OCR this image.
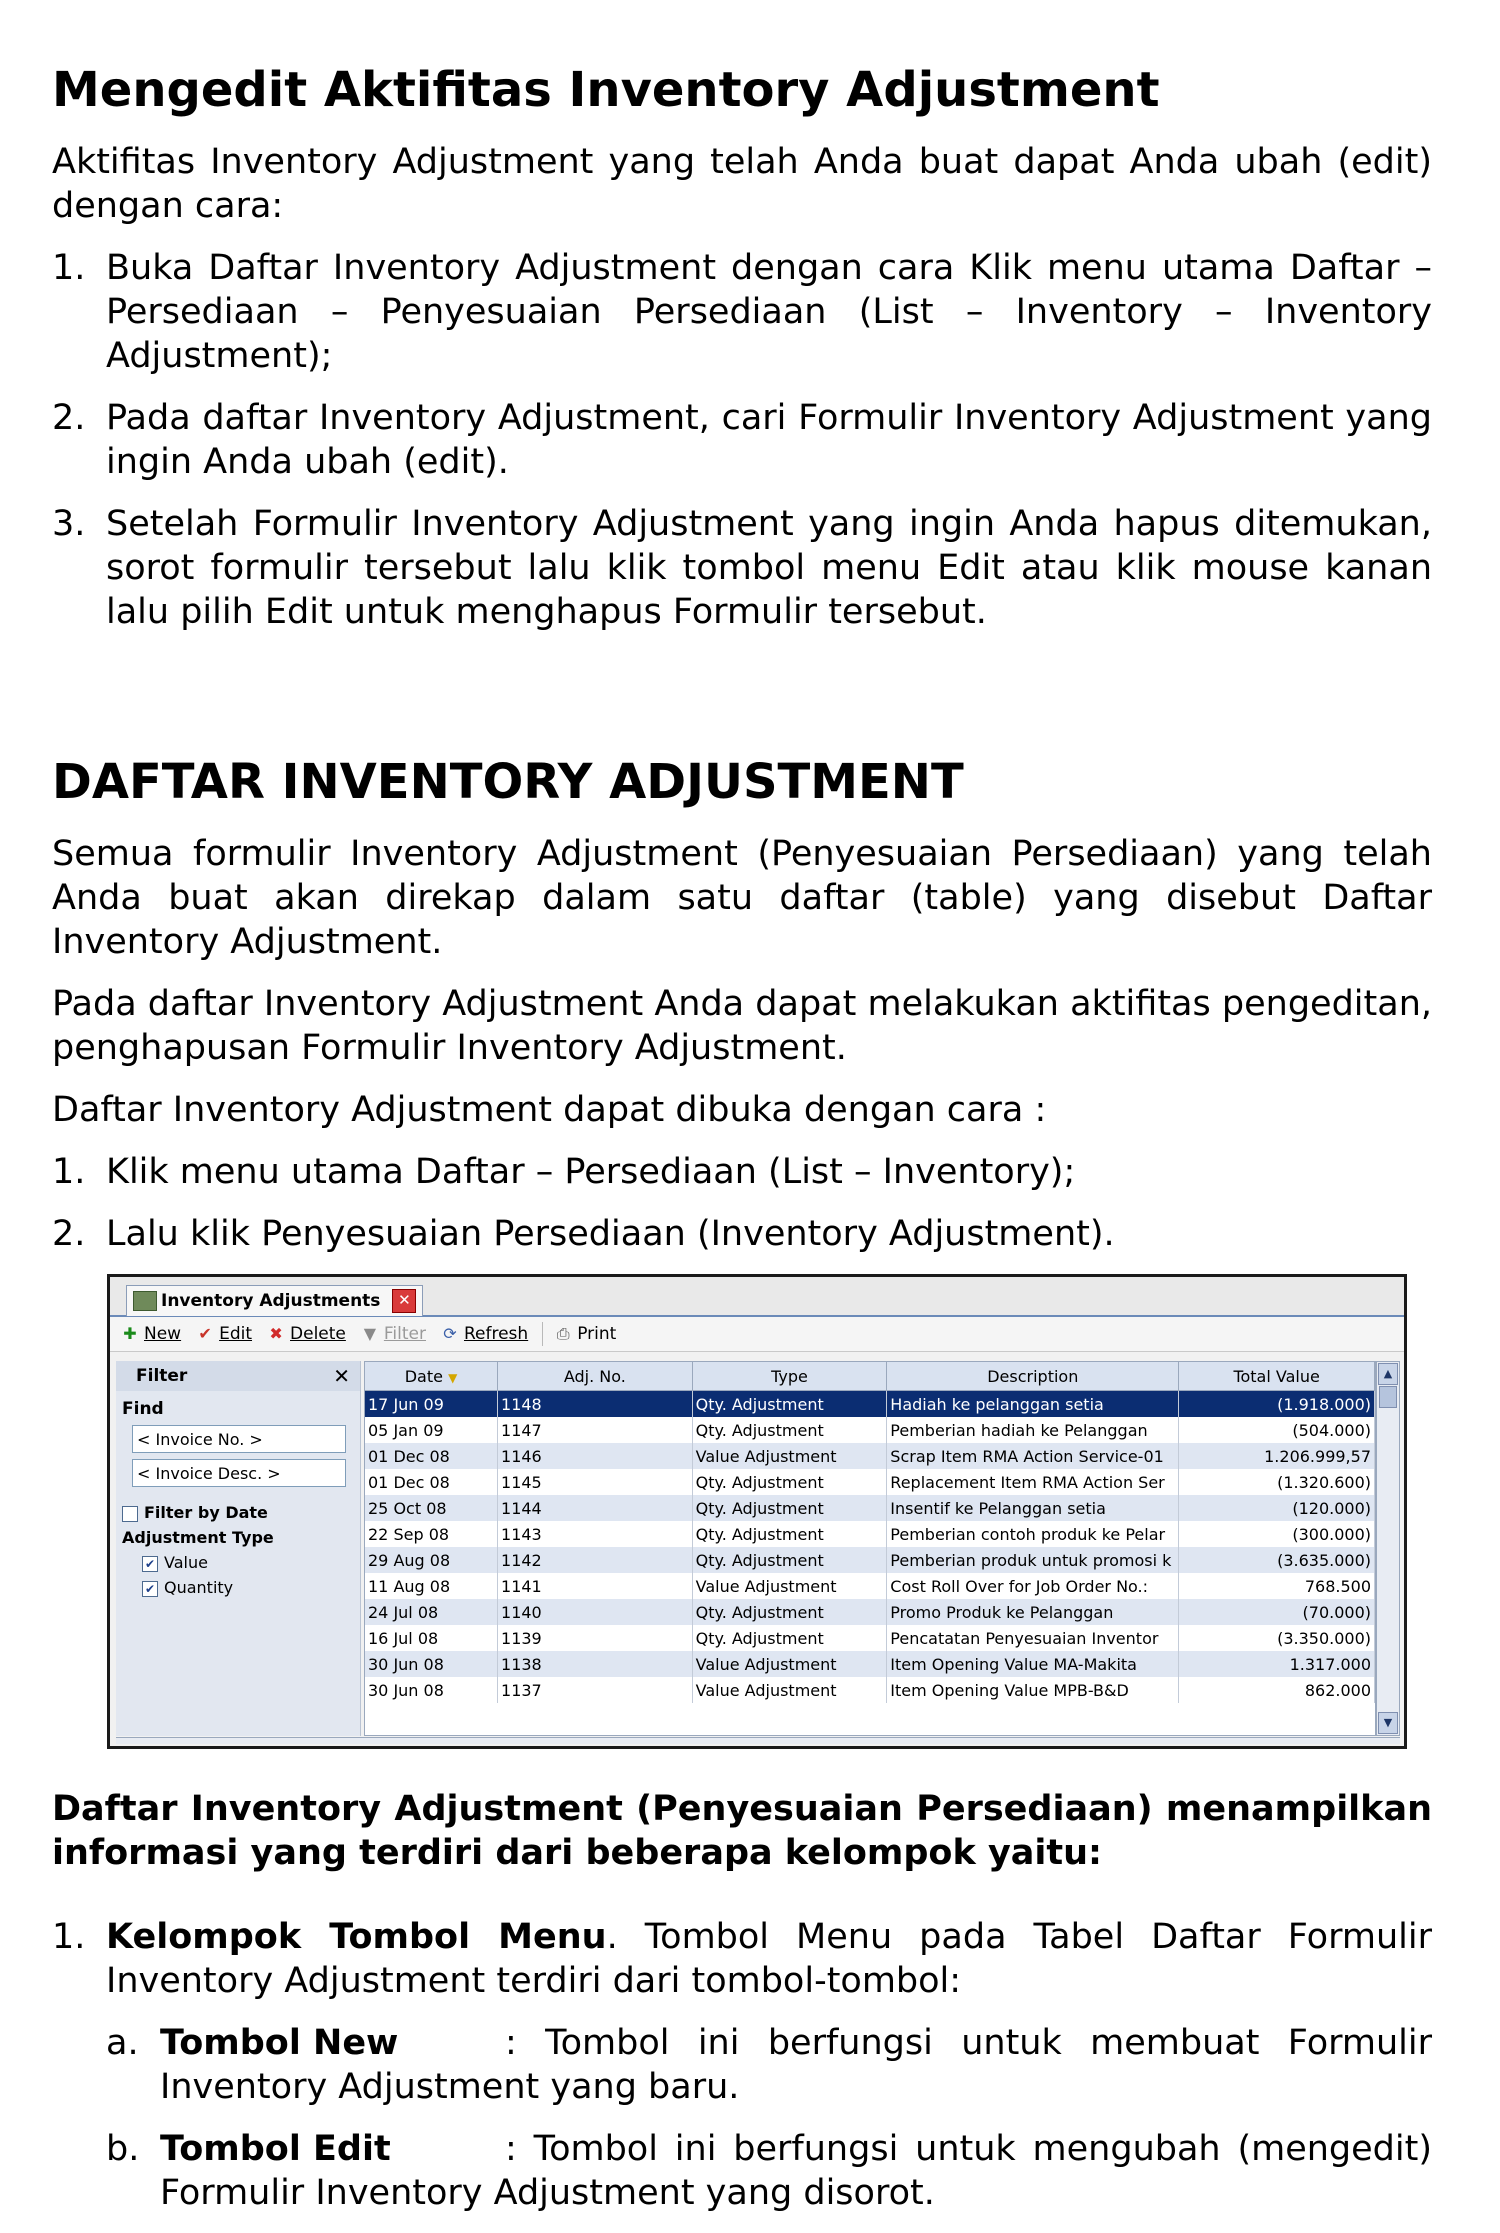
Mengedit Aktifitas Inventory Adjustment

Aktifitas Inventory Adjustment yang telah Anda buat dapat Anda ubah (edit) dengan cara:

1. Buka Daftar Inventory Adjustment dengan cara Klik menu utama Daftar – Persediaan – Penyesuaian Persediaan (List – Inventory – Inventory Adjustment);
2. Pada daftar Inventory Adjustment, cari Formulir Inventory Adjustment yang ingin Anda ubah (edit).
3. Setelah Formulir Inventory Adjustment yang ingin Anda hapus ditemukan, sorot formulir tersebut lalu klik tombol menu Edit atau klik mouse kanan lalu pilih Edit untuk menghapus Formulir tersebut.
DAFTAR INVENTORY ADJUSTMENT

Semua formulir Inventory Adjustment (Penyesuaian Persediaan) yang telah Anda buat akan direkap dalam satu daftar (table) yang disebut Daftar Inventory Adjustment.

Pada daftar Inventory Adjustment Anda dapat melakukan aktifitas pengeditan, penghapusan Formulir Inventory Adjustment.

Daftar Inventory Adjustment dapat dibuka dengan cara :

1. Klik menu utama Daftar – Persediaan (List – Inventory);
2. Lalu klik Penyesuaian Persediaan (Inventory Adjustment).
Inventory Adjustments ✕
✚ New ✔ Edit ✖ Delete ▼ Filter ⟳ Refresh ⎙ Print
Filter	✕
Find
< Invoice No. >
< Invoice Desc. >
Filter by Date
Adjustment Type
✔ Value
✔ Quantity
Date ▼	Adj. No.	Type	Description	Total Value
17 Jun 09	1148	Qty. Adjustment	Hadiah ke pelanggan setia	(1.918.000)
05 Jan 09	1147	Qty. Adjustment	Pemberian hadiah ke Pelanggan	(504.000)
01 Dec 08	1146	Value Adjustment	Scrap Item RMA Action Service-01	1.206.999,57
01 Dec 08	1145	Qty. Adjustment	Replacement Item RMA Action Ser	(1.320.600)
25 Oct 08	1144	Qty. Adjustment	Insentif ke Pelanggan setia	(120.000)
22 Sep 08	1143	Qty. Adjustment	Pemberian contoh produk ke Pelar	(300.000)
29 Aug 08	1142	Qty. Adjustment	Pemberian produk untuk promosi k	(3.635.000)
11 Aug 08	1141	Value Adjustment	Cost Roll Over for Job Order No.:	768.500
24 Jul 08	1140	Qty. Adjustment	Promo Produk ke Pelanggan	(70.000)
16 Jul 08	1139	Qty. Adjustment	Pencatatan Penyesuaian Inventor	(3.350.000)
30 Jun 08	1138	Value Adjustment	Item Opening Value MA-Makita	1.317.000
30 Jun 08	1137	Value Adjustment	Item Opening Value MPB-B&D	862.000
▲
▼

Daftar Inventory Adjustment (Penyesuaian Persediaan) menampilkan informasi yang terdiri dari beberapa kelompok yaitu:

1. Kelompok Tombol Menu. Tombol Menu pada Tabel Daftar Formulir Inventory Adjustment terdiri dari tombol-tombol:
a. Tombol New	: Tombol ini berfungsi untuk membuat Formulir Inventory Adjustment yang baru.
b. Tombol Edit	: Tombol ini berfungsi untuk mengubah (mengedit) Formulir Inventory Adjustment yang disorot.
